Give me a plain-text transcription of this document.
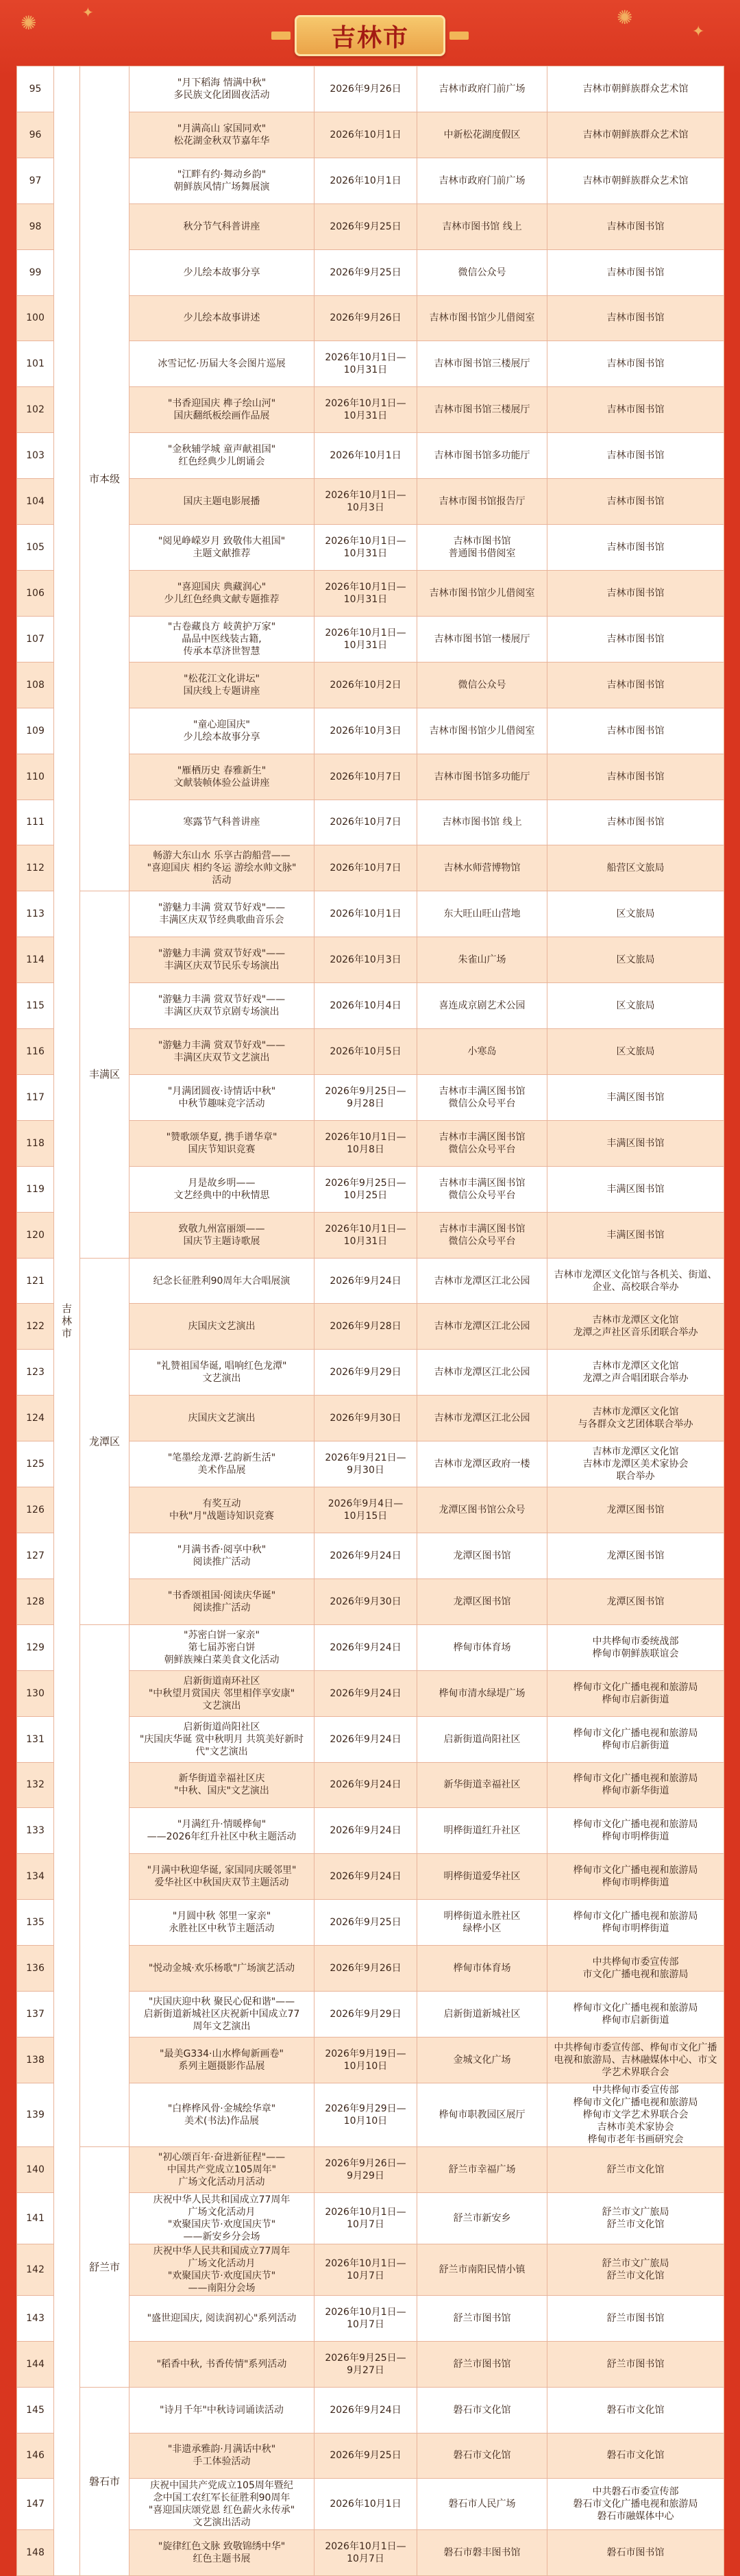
✺	✦	✺
✦
吉林市
95	吉林市	市本级	"月下稻海 情满中秋"
多民族文化团圆夜活动	2026年9月26日	吉林市政府门前广场	吉林市朝鲜族群众艺术馆
96			"月满高山 家国同欢"
松花湖金秋双节嘉年华	2026年10月1日	中新松花湖度假区	吉林市朝鲜族群众艺术馆
97			"江畔有约·舞动乡韵"
朝鲜族风情广场舞展演	2026年10月1日	吉林市政府门前广场	吉林市朝鲜族群众艺术馆
98			秋分节气科普讲座	2026年9月25日	吉林市图书馆 线上	吉林市图书馆
99			少儿绘本故事分享	2026年9月25日	微信公众号	吉林市图书馆
100			少儿绘本故事讲述	2026年9月26日	吉林市图书馆少儿借阅室	吉林市图书馆
101			冰雪记忆·历届大冬会图片巡展	2026年10月1日—
10月31日	吉林市图书馆三楼展厅	吉林市图书馆
102			"书香迎国庆 榫子绘山河"
国庆翻纸板绘画作品展	2026年10月1日—
10月31日	吉林市图书馆三楼展厅	吉林市图书馆
103			"金秋辅学城 童声献祖国"
红色经典少儿朗诵会	2026年10月1日	吉林市图书馆多功能厅	吉林市图书馆
104			国庆主题电影展播	2026年10月1日—
10月3日	吉林市图书馆报告厅	吉林市图书馆
105			"阅见峥嵘岁月 致敬伟大祖国"
主题文献推荐	2026年10月1日—
10月31日	吉林市图书馆
普通图书借阅室	吉林市图书馆
106			"喜迎国庆 典藏润心"
少儿红色经典文献专题推荐	2026年10月1日—
10月31日	吉林市图书馆少儿借阅室	吉林市图书馆
107			"古卷藏良方 岐黄护万家"
晶品中医线装古籍,
传承本草济世智慧	2026年10月1日—
10月31日	吉林市图书馆一楼展厅	吉林市图书馆
108			"松花江文化讲坛"
国庆线上专题讲座	2026年10月2日	微信公众号	吉林市图书馆
109			"童心迎国庆"
少儿绘本故事分享	2026年10月3日	吉林市图书馆少儿借阅室	吉林市图书馆
110			"雁栖历史 春雅新生"
文献装帧体验公益讲座	2026年10月7日	吉林市图书馆多功能厅	吉林市图书馆
111			寒露节气科普讲座	2026年10月7日	吉林市图书馆 线上	吉林市图书馆
112			畅游大东山水 乐享古韵船营——
"喜迎国庆 相约冬运 游绘水帅文脉"
活动	2026年10月7日	吉林水师营博物馆	船营区文旅局
113		丰满区	"游魅力丰满 赏双节好戏"——
丰满区庆双节经典歌曲音乐会	2026年10月1日	东大旺山旺山营地	区文旅局
114			"游魅力丰满 赏双节好戏"——
丰满区庆双节民乐专场演出	2026年10月3日	朱雀山广场	区文旅局
115			"游魅力丰满 赏双节好戏"——
丰满区庆双节京剧专场演出	2026年10月4日	喜连成京剧艺术公园	区文旅局
116			"游魅力丰满 赏双节好戏"——
丰满区庆双节文艺演出	2026年10月5日	小寒岛	区文旅局
117			"月满团圆夜·诗情话中秋"
中秋节趣味竞字活动	2026年9月25日—
9月28日	吉林市丰满区图书馆
微信公众号平台	丰满区图书馆
118			"赞歌颂华夏, 携手谱华章"
国庆节知识竞赛	2026年10月1日—
10月8日	吉林市丰满区图书馆
微信公众号平台	丰满区图书馆
119			月是故乡明——
文艺经典中的中秋情思	2026年9月25日—
10月25日	吉林市丰满区图书馆
微信公众号平台	丰满区图书馆
120			致敬九州富丽颂——
国庆节主题诗歌展	2026年10月1日—
10月31日	吉林市丰满区图书馆
微信公众号平台	丰满区图书馆
121		龙潭区	纪念长征胜利90周年大合唱展演	2026年9月24日	吉林市龙潭区江北公园	吉林市龙潭区文化馆与各机关、街道、企业、高校联合举办
122			庆国庆文艺演出	2026年9月28日	吉林市龙潭区江北公园	吉林市龙潭区文化馆
龙潭之声社区音乐团联合举办
123			"礼赞祖国华诞, 唱响红色龙潭"
文艺演出	2026年9月29日	吉林市龙潭区江北公园	吉林市龙潭区文化馆
龙潭之声合唱团联合举办
124			庆国庆文艺演出	2026年9月30日	吉林市龙潭区江北公园	吉林市龙潭区文化馆
与各群众文艺团体联合举办
125			"笔墨绘龙潭·艺韵新生活"
美术作品展	2026年9月21日—
9月30日	吉林市龙潭区政府一楼	吉林市龙潭区文化馆
吉林市龙潭区美术家协会
联合举办
126			有奖互动
中秋"月"战题诗知识竞赛	2026年9月4日—
10月15日	龙潭区图书馆公众号	龙潭区图书馆
127			"月满书香·阅享中秋"
阅读推广活动	2026年9月24日	龙潭区图书馆	龙潭区图书馆
128			"书香颂祖国·阅读庆华诞"
阅读推广活动	2026年9月30日	龙潭区图书馆	龙潭区图书馆
129			"苏密白饼一家亲"
第七届苏密白饼
朝鲜族辣白菜美食文化活动	2026年9月24日	桦甸市体育场	中共桦甸市委统战部
桦甸市朝鲜族联谊会
130			启新街道南环社区
"中秋望月赏国庆 邻里相伴享安康"
文艺演出	2026年9月24日	桦甸市清水绿堤广场	桦甸市文化广播电视和旅游局
桦甸市启新街道
131			启新街道尚阳社区
"庆国庆华诞 赏中秋明月 共筑美好新时代"文艺演出	2026年9月24日	启新街道尚阳社区	桦甸市文化广播电视和旅游局
桦甸市启新街道
132			新华街道幸福社区庆
"中秋、国庆"文艺演出	2026年9月24日	新华街道幸福社区	桦甸市文化广播电视和旅游局
桦甸市新华街道
133			"月满红升·情暖桦甸"
——2026年红升社区中秋主题活动	2026年9月24日	明桦街道红升社区	桦甸市文化广播电视和旅游局
桦甸市明桦街道
134			"月满中秋迎华诞, 家国同庆暖邻里"
爱华社区中秋国庆双节主题活动	2026年9月24日	明桦街道爱华社区	桦甸市文化广播电视和旅游局
桦甸市明桦街道
135			"月圆中秋 邻里一家亲"
永胜社区中秋节主题活动	2026年9月25日	明桦街道永胜社区
绿桦小区	桦甸市文化广播电视和旅游局
桦甸市明桦街道
136			"悦动金城·欢乐杨歌"广场演艺活动	2026年9月26日	桦甸市体育场	中共桦甸市委宣传部
市文化广播电视和旅游局
137			"庆国庆迎中秋 聚民心促和谐"——
启新街道新城社区庆祝新中国成立77
周年文艺演出	2026年9月29日	启新街道新城社区	桦甸市文化广播电视和旅游局
桦甸市启新街道
138			"最美G334·山水桦甸新画卷"
系列主题摄影作品展	2026年9月19日—
10月10日	金城文化广场	中共桦甸市委宣传部、桦甸市文化广播电视和旅游局、吉林融媒体中心、市文学艺术界联合会
139			"白桦桦风骨·金城绘华章"
美术(书法)作品展	2026年9月29日—
10月10日	桦甸市职教园区展厅	中共桦甸市委宣传部
桦甸市文化广播电视和旅游局
桦甸市文学艺术界联合会
吉林市美术家协会
桦甸市老年书画研究会
140		舒兰市	"初心颂百年·奋进新征程"——
中国共产党成立105周年"
广场文化活动月活动	2026年9月26日—
9月29日	舒兰市幸福广场	舒兰市文化馆
141			庆祝中华人民共和国成立77周年
广场文化活动月
"欢聚国庆节·欢度国庆节"
——新安乡分会场	2026年10月1日—
10月7日	舒兰市新安乡	舒兰市文广旅局
舒兰市文化馆
142			庆祝中华人民共和国成立77周年
广场文化活动月
"欢聚国庆节·欢度国庆节"
——南阳分会场	2026年10月1日—
10月7日	舒兰市南阳民情小镇	舒兰市文广旅局
舒兰市文化馆
143			"盛世迎国庆, 阅读润初心"系列活动	2026年10月1日—
10月7日	舒兰市图书馆	舒兰市图书馆
144			"稻香中秋, 书香传情"系列活动	2026年9月25日—
9月27日	舒兰市图书馆	舒兰市图书馆
145		磐石市	"诗月千年"中秋诗词诵读活动	2026年9月24日	磐石市文化馆	磐石市文化馆
146			"非遗承雅韵·月满话中秋"
手工体验活动	2026年9月25日	磐石市文化馆	磐石市文化馆
147			庆祝中国共产党成立105周年暨纪
念中国工农红军长征胜利90周年
"喜迎国庆颂党恩 红色薪火永传承"
文艺演出活动	2026年10月1日	磐石市人民广场	中共磐石市委宣传部
磐石市文化广播电视和旅游局
磐石市融媒体中心
148			"旋律红色文脉 致敬锦绣中华"
红色主题书展	2026年10月1日—
10月7日	磐石市磐丰图书馆	磐石市图书馆
